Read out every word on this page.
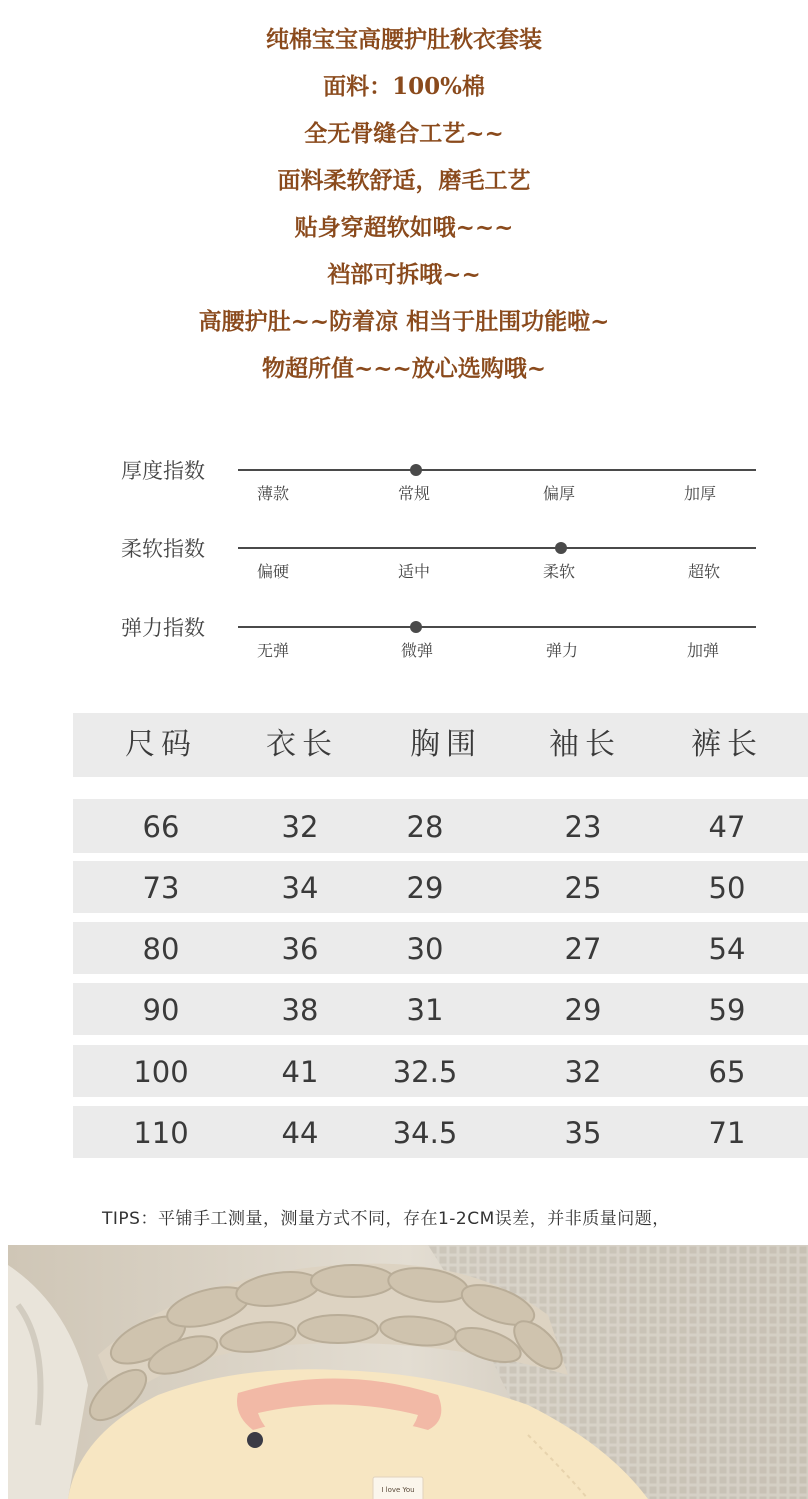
纯棉宝宝高腰护肚秋衣套装
面料：100%棉
全无骨缝合工艺~~
面料柔软舒适，磨毛工艺
贴身穿超软如哦~~~
裆部可拆哦~~
高腰护肚~~防着凉 相当于肚围功能啦~
物超所值~~~放心选购哦~
厚度指数
薄款	常规	偏厚	加厚
柔软指数
偏硬	适中	柔软	超软
弹力指数
无弹	微弹	弹力	加弹
尺码 衣长 胸围 袖长 裤长
66	32	28	23	47
73	34	29	25	50
80	36	30	27	54
90	38	31	29	59
100	41	32.5	32	65
110	44	34.5	35	71
TIPS：平铺手工测量，测量方式不同，存在1-2CM误差，并非质量问题，
I love You
